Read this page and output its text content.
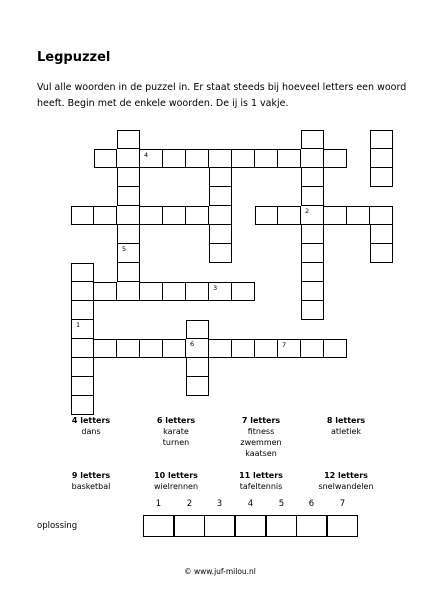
Legpuzzel

Vul alle woorden in de puzzel in. Er staat steeds bij hoeveel letters een woord heeft. Begin met de enkele woorden. De ij is 1 vakje.

4
2
5
3
1
6	7
4 letters
dans
6 letters
karate
turnen
7 letters
fitness
zwemmen
kaatsen
8 letters
atletiek
9 letters
basketbal
10 letters
wielrennen
11 letters
tafeltennis
12 letters
snelwandelen
oplossing
1	2	3	4	5	6	7
© www.juf-milou.nl
